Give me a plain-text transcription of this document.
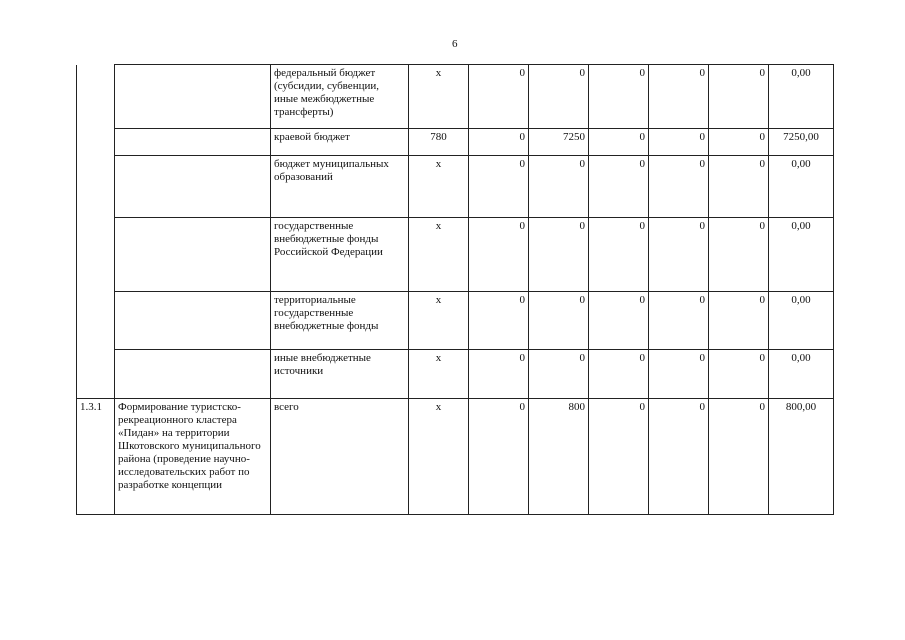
6
		федеральный бюджет (субсидии, субвенции, иные межбюджетные трансферты)	x	0	0	0	0	0	0,00
		краевой бюджет	780	0	7250	0	0	0	7250,00
		бюджет муниципальных образований	x	0	0	0	0	0	0,00
		государственные внебюджетные фонды Российской Федерации	x	0	0	0	0	0	0,00
		территориальные государственные внебюджетные фонды	x	0	0	0	0	0	0,00
		иные внебюджетные источники	x	0	0	0	0	0	0,00
1.3.1	Формирование туристско-рекреационного кластера «Пидан» на территории Шкотовского муниципального района (проведение научно-исследовательских работ по разработке концепции	всего	x	0	800	0	0	0	800,00
